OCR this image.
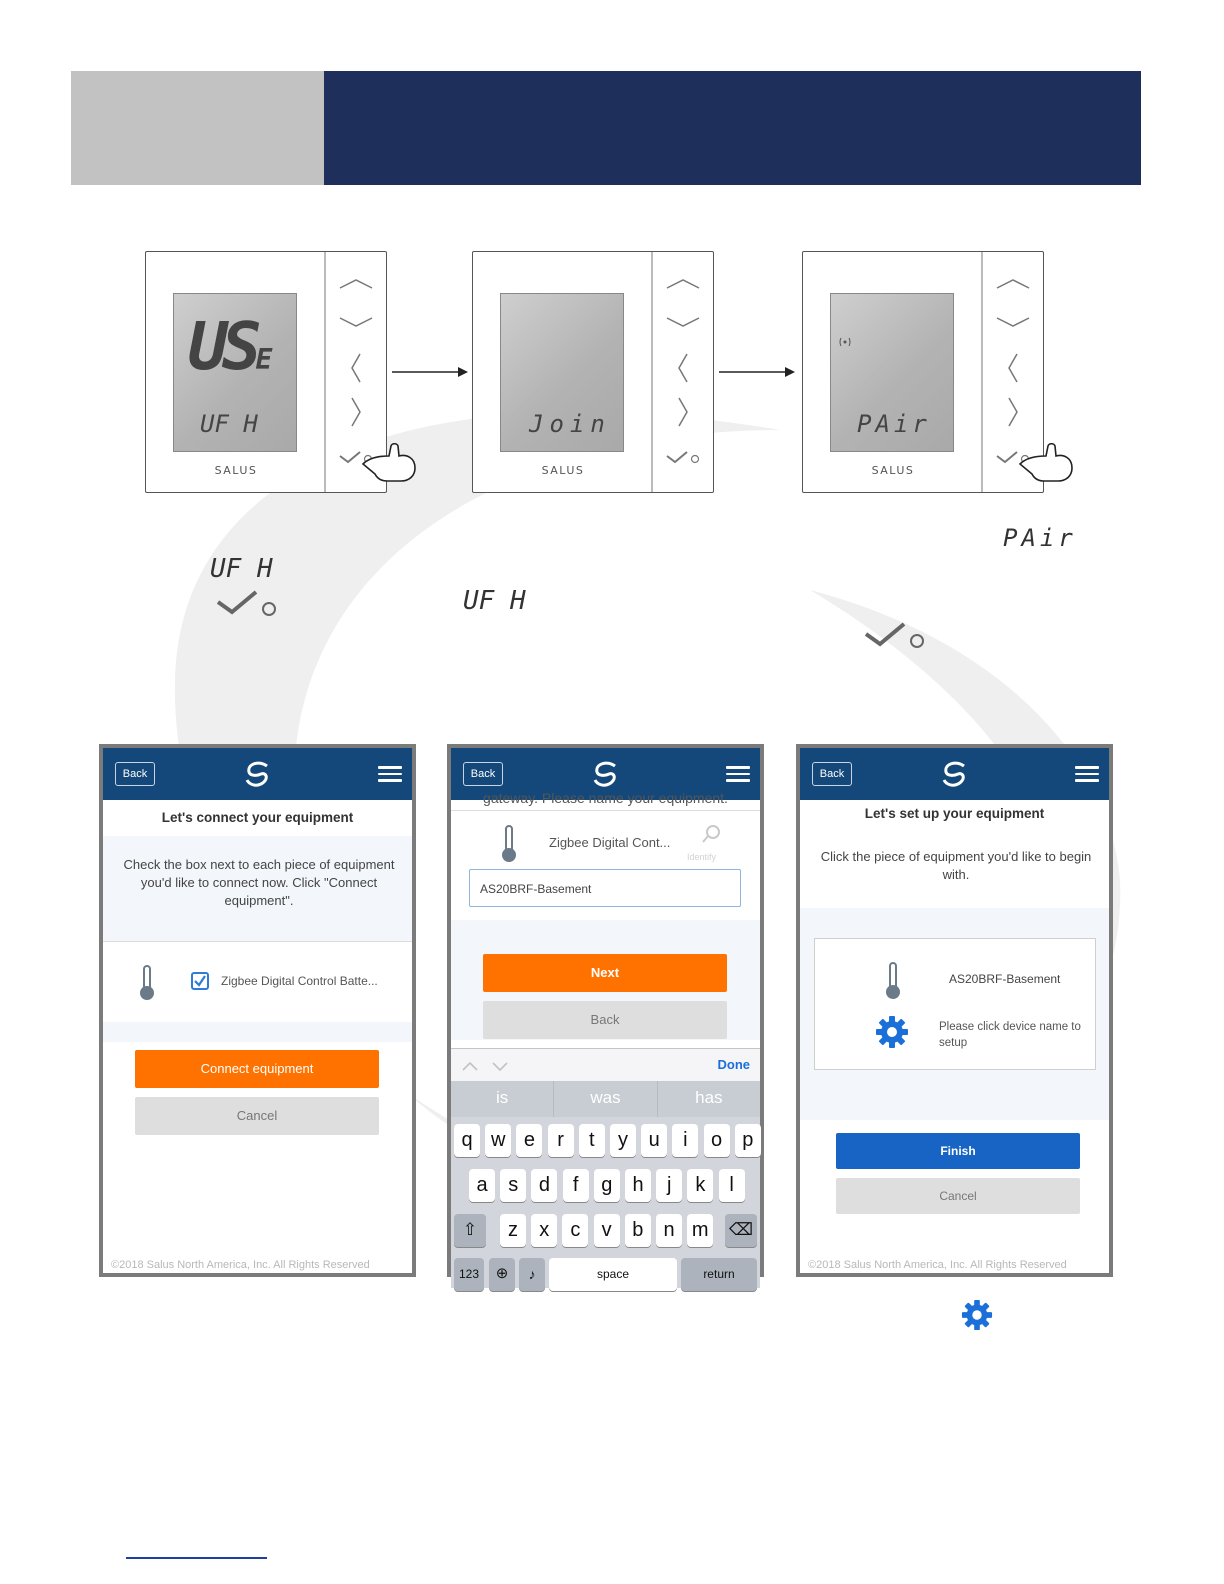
USE
UF H
SALUS
Join
SALUS
PAir
SALUS
UF H
UF H
PAir
Back
Let's connect your equipment
Check the box next to each piece of equipment you'd like to connect now. Click "Connect equipment".
Zigbee Digital Control Batte...
Connect equipment
Cancel
©2018 Salus North America, Inc. All Rights Reserved
Back
gateway. Please name your equipment.
Zigbee Digital Cont...
Identify
AS20BRF-Basement
Next
Back
Done
is	was	has
q w e	r	t	y	u	i	o	p
a	s	d	f	g	h	j	k	l
⇧	z	x	c	v	b	n m ⌫
123	⊕	♪	space	return
Back
Let's set up your equipment
Click the piece of equipment you'd like to begin with.
AS20BRF-Basement
Please click device name to setup
Finish
Cancel
©2018 Salus North America, Inc. All Rights Reserved
